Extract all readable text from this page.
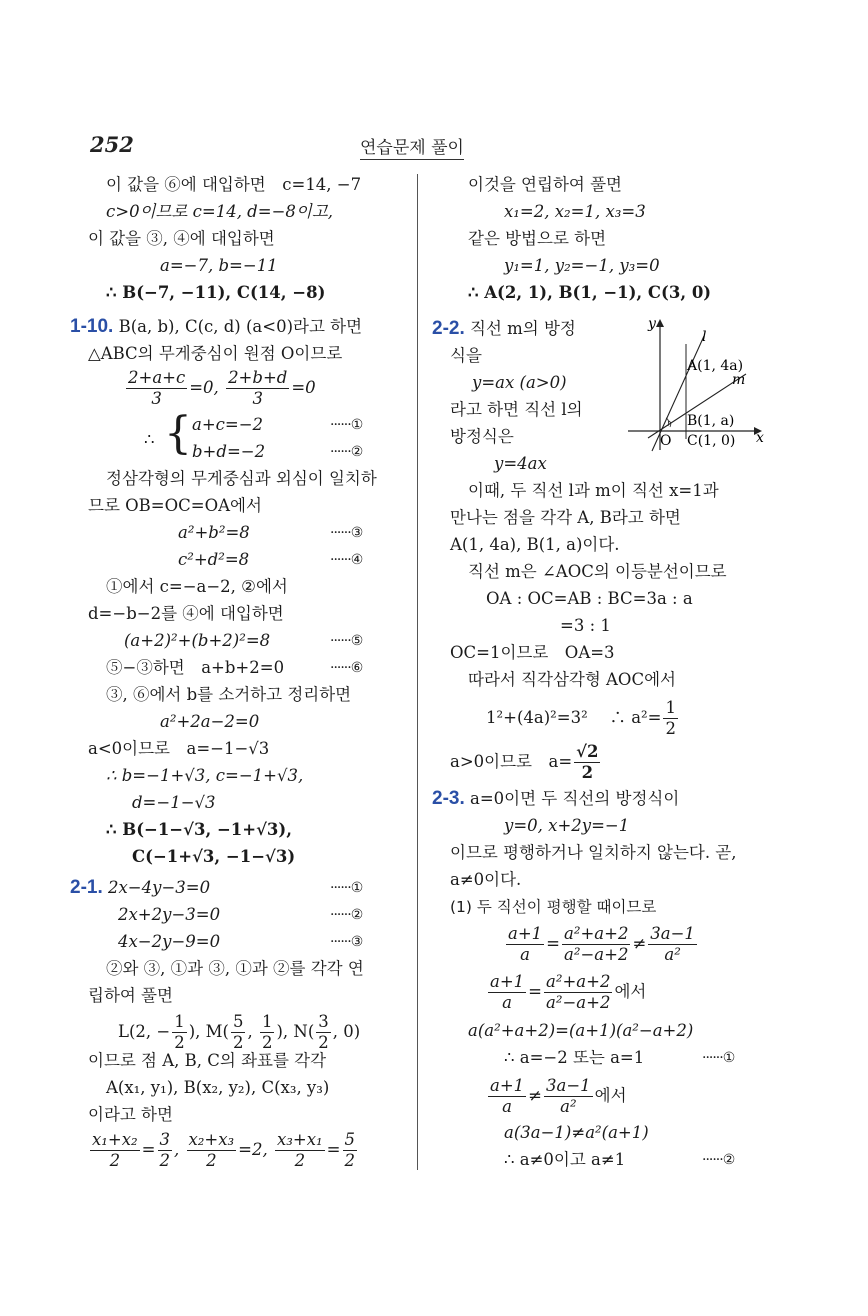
252	연습문제 풀이
이 값을 ⑥에 대입하면　c=14, −7
c>0이므로 c=14, d=−8이고,
이 값을 ③, ④에 대입하면
a=−7, b=−11
∴ B(−7, −11), C(14, −8)
1-10. B(a, b), C(c, d) (a<0)라고 하면
△ABC의 무게중심이 원점 O이므로
$\frac{2+a+c}{3} =0$, $\frac{2+b+d}{3} =0$
∴ { a+c=−2	······①
b+d=−2	······②
정삼각형의 무게중심과 외심이 일치하
므로 OB=OC=OA에서
a²+b²=8	······③
c²+d²=8	······④
①에서 c=−a−2, ②에서
d=−b−2를 ④에 대입하면
(a+2)²+(b+2)²=8	······⑤
⑤−③하면　a+b+2=0	······⑥
③, ⑥에서 b를 소거하고 정리하면
a²+2a−2=0
a<0이므로　a=−1−√3
∴ b=−1+√3, c=−1+√3,
d=−1−√3
∴ B(−1−√3, −1+√3),
C(−1+√3, −1−√3)
2-1. 2x−4y−3=0	······①
2x+2y−3=0	······②
4x−2y−9=0	······③
②와 ③, ①과 ③, ①과 ②를 각각 연
립하여 풀면
L(2, − $\frac{1}{2}$ ), $M( \frac{5}{2}$ , $\frac{1}{2}$ ), $N( \frac{3}{2}$ , 0)
이므로 점 A, B, C의 좌표를 각각
A(x₁, y₁), B(x₂, y₂), C(x₃, y₃)
이라고 하면
$\frac{\text{x₁+x₂}}{2} = \frac{3}{2}$ , $\frac{\text{x₂+x₃}}{2} =2$, $\frac{\text{x₃+x₁}}{2} = \frac{5}{2}$
이것을 연립하여 풀면
x₁=2, x₂=1, x₃=3
같은 방법으로 하면
y₁=1, y₂=−1, y₃=0
∴ A(2, 1), B(1, −1), C(3, 0)
2-2. 직선 m의 방정
식을
y=ax (a>0)
라고 하면 직선 l의
방정식은
y=4ax
y
x
l
m
A(1, 4a)
B(1, a)
C(1, 0)
O
이때, 두 직선 l과 m이 직선 x=1과
만나는 점을 각각 A, B라고 하면
A(1, 4a), B(1, a)이다.
직선 m은 ∠AOC의 이등분선이므로
OA : OC=AB : BC=3a : a
=3 : 1
OC=1이므로　OA=3
따라서 직각삼각형 AOC에서
1²+(4a)²=3²　 ∴ $a^2= \frac{1}{2}$
a>0이므로　$a= \frac{√2}{2}$
2-3. a=0이면 두 직선의 방정식이
y=0, x+2y=−1
이므로 평행하거나 일치하지 않는다. 곧,
a≠0이다.
(1) 두 직선이 평행할 때이므로
$\frac{a+1}{a} = \frac{\text{a²+a+2}}{\text{a²−a+2}} \ne \frac{3a-1}{\text{a²}}$
$\frac{a+1}{a} = \frac{\text{a²+a+2}}{\text{a²−a+2}}$ 에서
a(a²+a+2)=(a+1)(a²−a+2)
∴ a=−2 또는 a=1	······①
$\frac{a+1}{a} \ne \frac{3a-1}{\text{a²}}$ 에서
a(3a−1)≠a²(a+1)
∴ a≠0이고 a≠1	······②
